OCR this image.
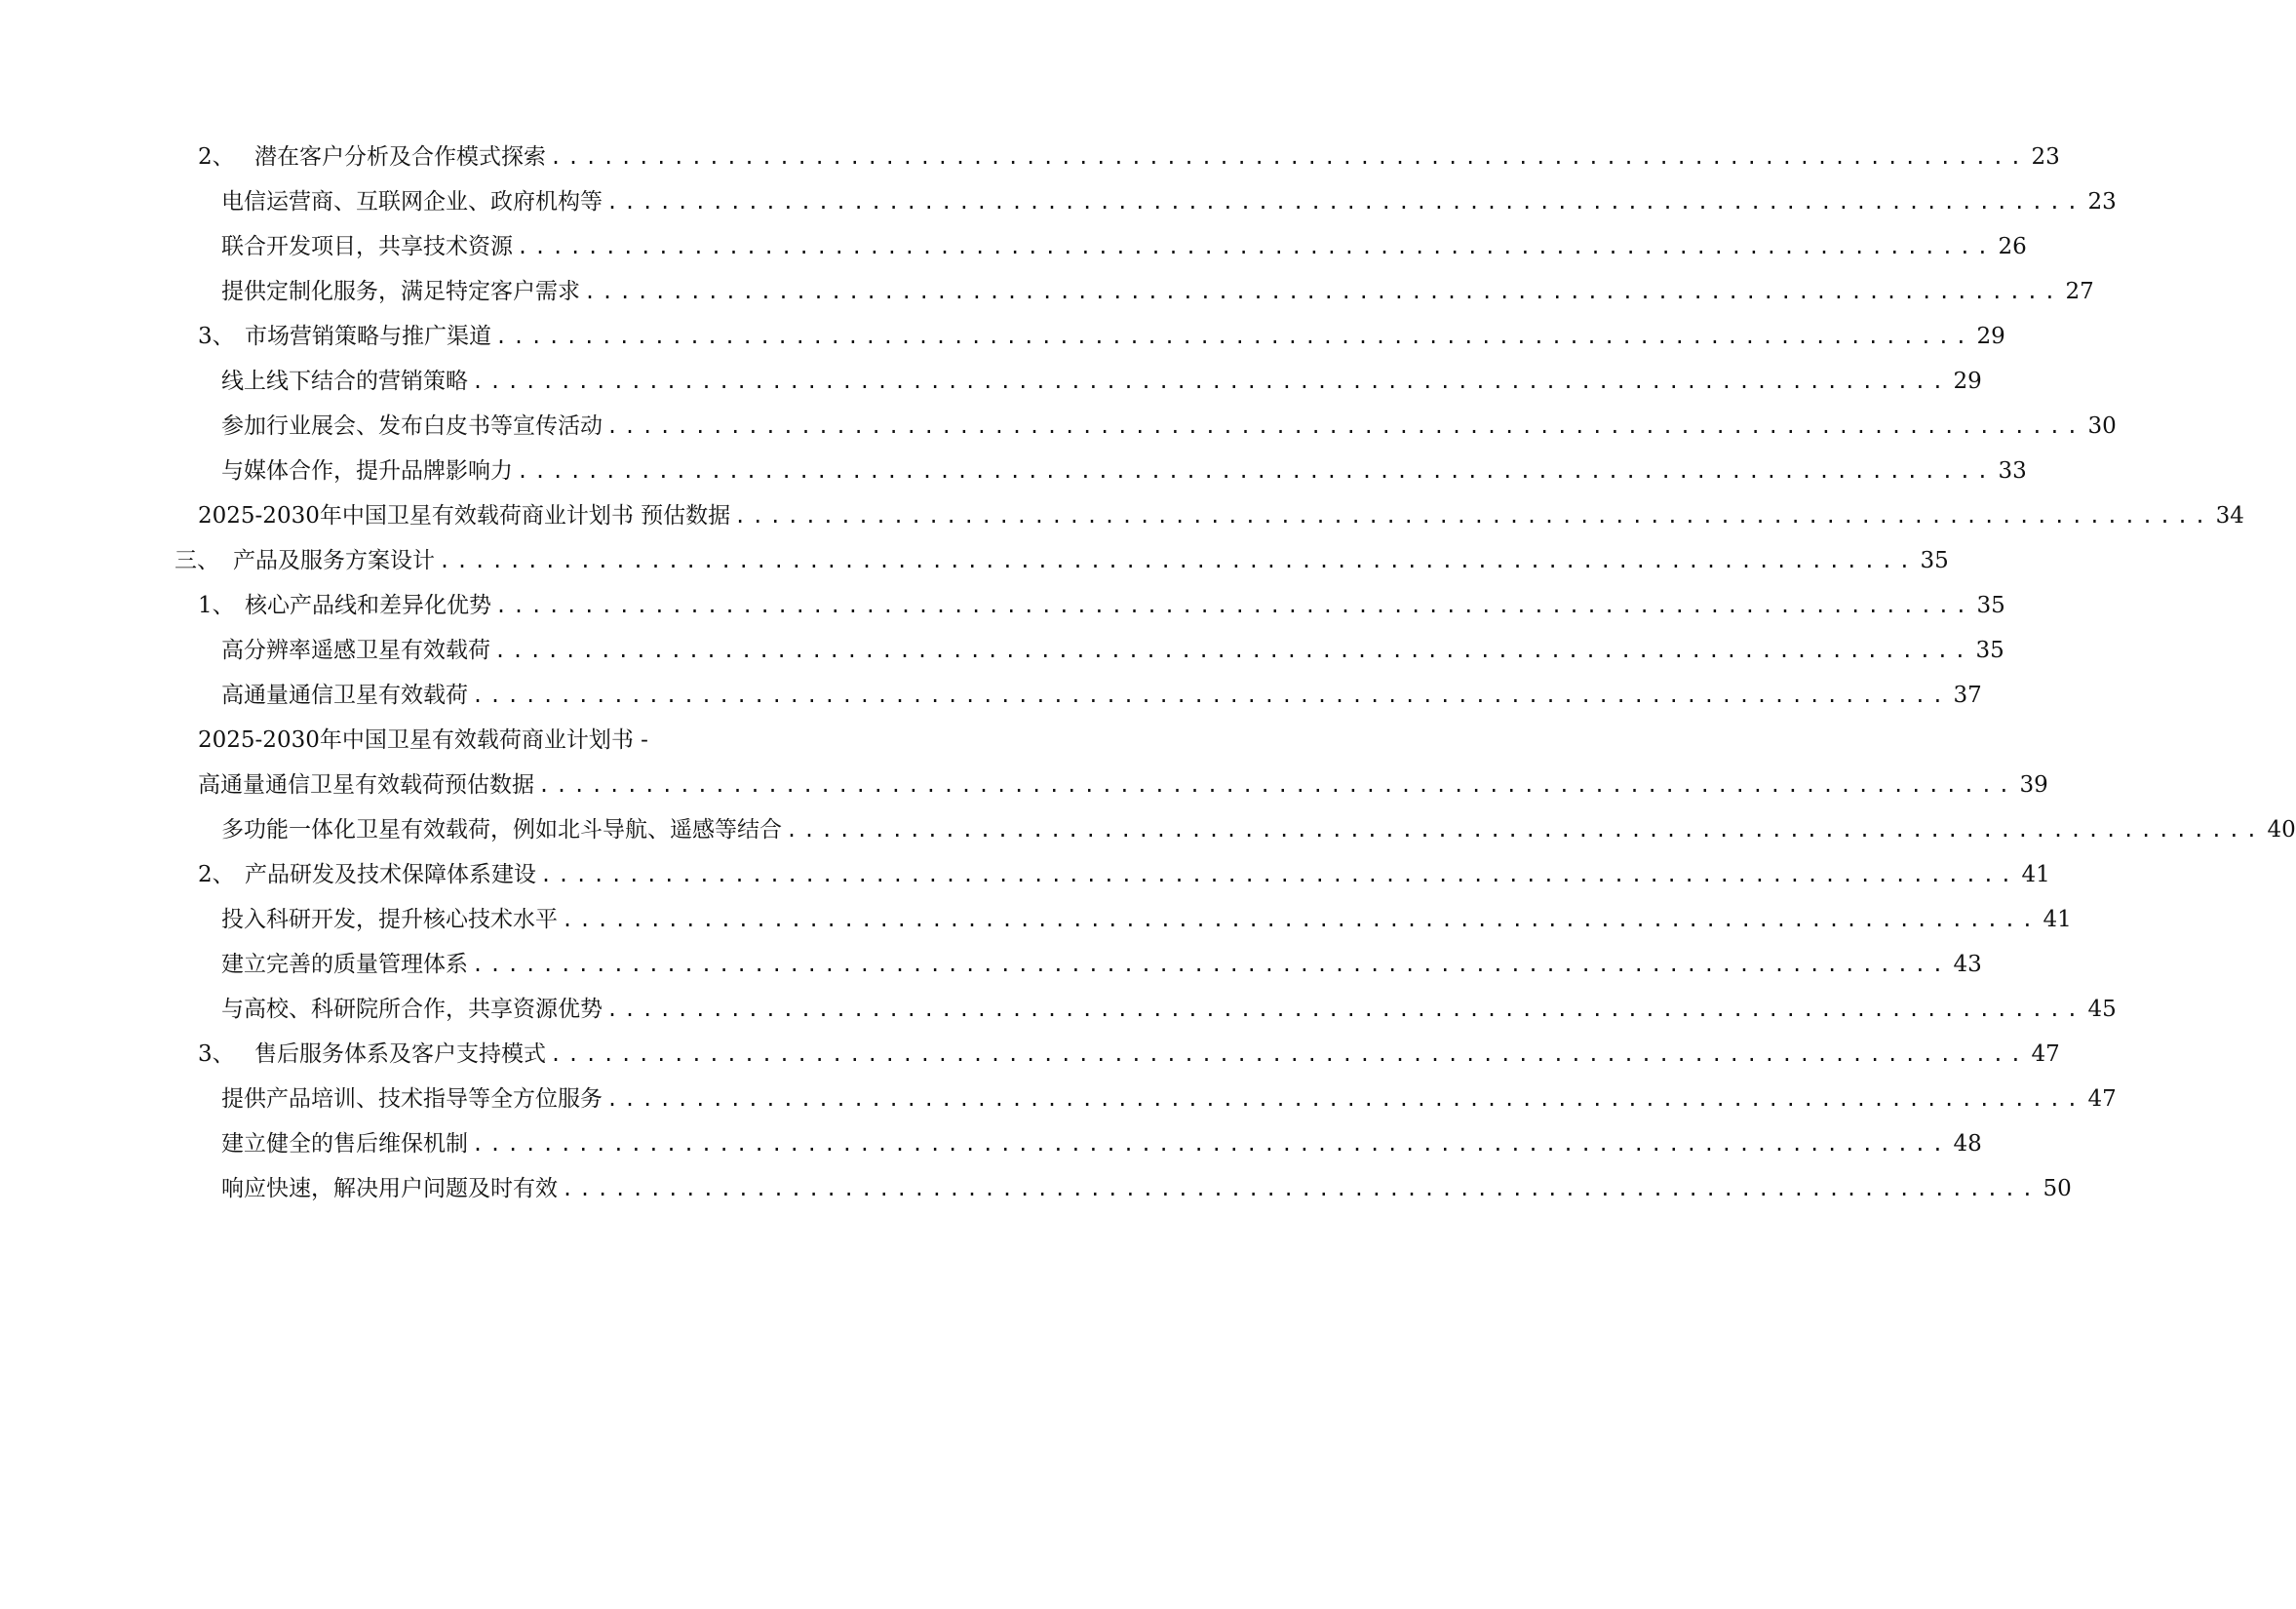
2、 潜在客户分析及合作模式探索 .................................................................................... 23
电信运营商、互联网企业、政府机构等 .................................................................................... 23
联合开发项目，共享技术资源 .................................................................................... 26
提供定制化服务，满足特定客户需求 .................................................................................... 27
3、 市场营销策略与推广渠道 .................................................................................... 29
线上线下结合的营销策略 .................................................................................... 29
参加行业展会、发布白皮书等宣传活动 .................................................................................... 30
与媒体合作，提升品牌影响力 .................................................................................... 33
2025-2030年中国卫星有效载荷商业计划书 预估数据 .................................................................................... 34
三、 产品及服务方案设计 .................................................................................... 35
1、 核心产品线和差异化优势 .................................................................................... 35
高分辨率遥感卫星有效载荷 .................................................................................... 35
高通量通信卫星有效载荷 .................................................................................... 37
2025-2030年中国卫星有效载荷商业计划书 -
高通量通信卫星有效载荷预估数据 .................................................................................... 39
多功能一体化卫星有效载荷，例如北斗导航、遥感等结合 .................................................................................... 40
2、 产品研发及技术保障体系建设 .................................................................................... 41
投入科研开发，提升核心技术水平 .................................................................................... 41
建立完善的质量管理体系 .................................................................................... 43
与高校、科研院所合作，共享资源优势 .................................................................................... 45
3、 售后服务体系及客户支持模式 .................................................................................... 47
提供产品培训、技术指导等全方位服务 .................................................................................... 47
建立健全的售后维保机制 .................................................................................... 48
响应快速，解决用户问题及时有效 .................................................................................... 50
